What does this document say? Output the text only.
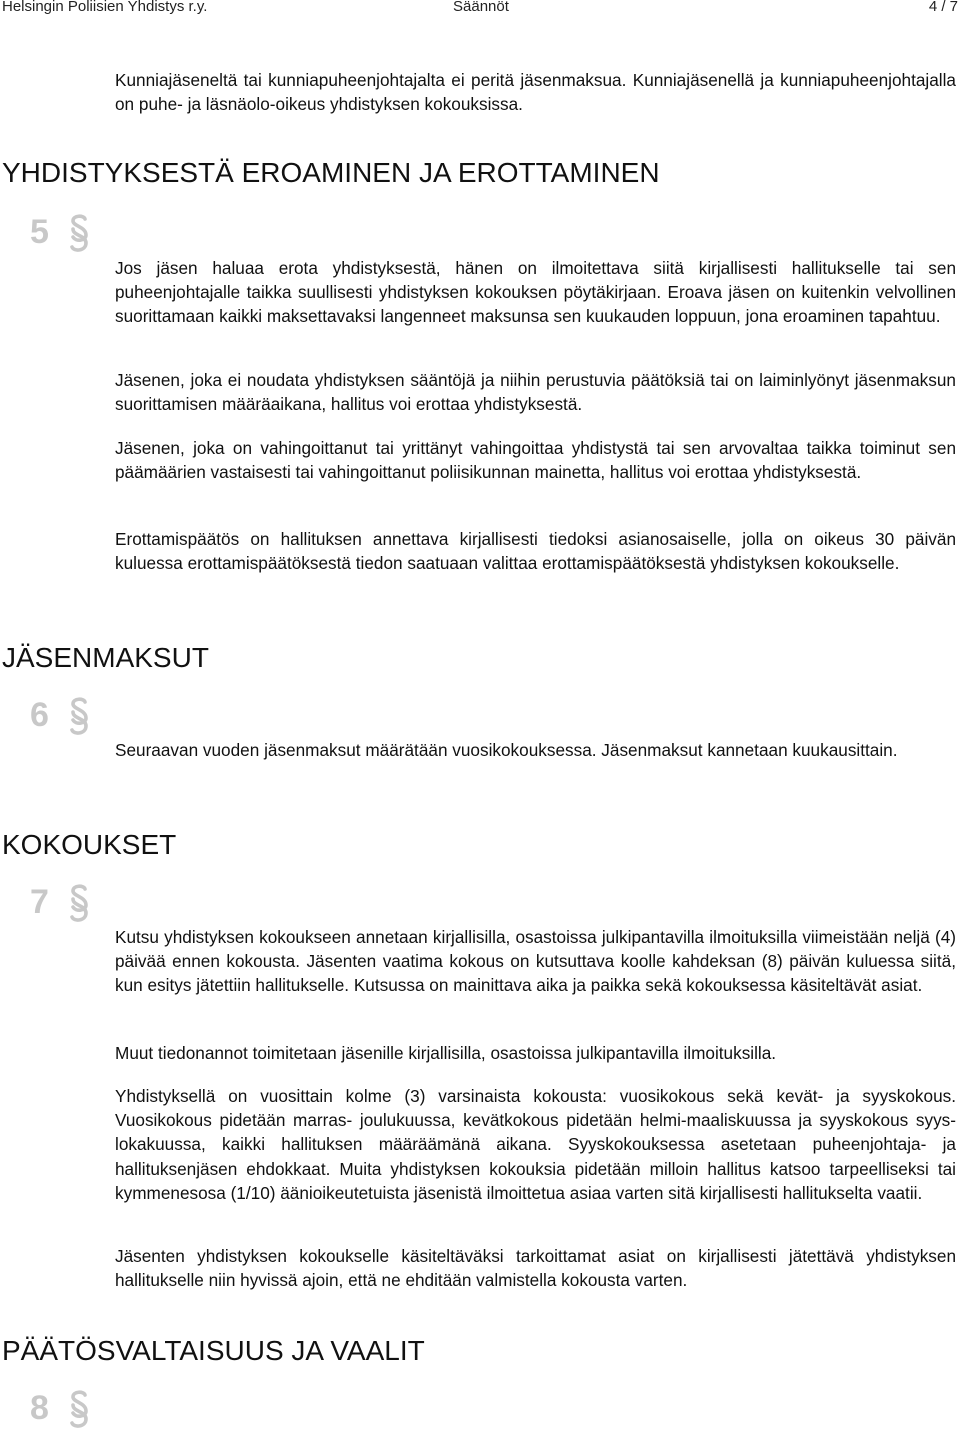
Helsingin Poliisien Yhdistys r.y.	Säännöt	4 / 7

Kunniajäseneltä tai kunniapuheenjohtajalta ei peritä jäsenmaksua. Kunniajäsenellä ja kunniapuheenjohtajalla on puhe- ja läsnäolo-oikeus yhdistyksen kokouksissa.

YHDISTYKSESTÄ EROAMINEN JA EROTTAMINEN
5

Jos jäsen haluaa erota yhdistyksestä, hänen on ilmoitettava siitä kirjallisesti hallitukselle tai sen puheenjohtajalle taikka suullisesti yhdistyksen kokouksen pöytäkirjaan. Eroava jäsen on kuitenkin velvollinen suorittamaan kaikki maksettavaksi langenneet maksunsa sen kuukauden loppuun, jona eroaminen tapahtuu.

Jäsenen, joka ei noudata yhdistyksen sääntöjä ja niihin perustuvia päätöksiä tai on laiminlyönyt jäsenmaksun suorittamisen määräaikana, hallitus voi erottaa yhdistyksestä.

Jäsenen, joka on vahingoittanut tai yrittänyt vahingoittaa yhdistystä tai sen arvovaltaa taikka toiminut sen päämäärien vastaisesti tai vahingoittanut poliisikunnan mainetta, hallitus voi erottaa yhdistyksestä.

Erottamispäätös on hallituksen annettava kirjallisesti tiedoksi asianosaiselle, jolla on oikeus 30 päivän kuluessa erottamispäätöksestä tiedon saatuaan valittaa erottamispäätöksestä yhdistyksen kokoukselle.

JÄSENMAKSUT
6

Seuraavan vuoden jäsenmaksut määrätään vuosikokouksessa. Jäsenmaksut kannetaan kuukausittain.

KOKOUKSET
7

Kutsu yhdistyksen kokoukseen annetaan kirjallisilla, osastoissa julkipantavilla ilmoituksilla viimeistään neljä (4) päivää ennen kokousta. Jäsenten vaatima kokous on kutsuttava koolle kahdeksan (8) päivän kuluessa siitä, kun esitys jätettiin hallitukselle. Kutsussa on mainittava aika ja paikka sekä kokouksessa käsiteltävät asiat.

Muut tiedonannot toimitetaan jäsenille kirjallisilla, osastoissa julkipantavilla ilmoituksilla.

Yhdistyksellä on vuosittain kolme (3) varsinaista kokousta: vuosikokous sekä kevät- ja syyskokous. Vuosikokous pidetään marras- joulukuussa, kevätkokous pidetään helmi-maaliskuussa ja syyskokous syys- lokakuussa, kaikki hallituksen määräämänä aikana. Syyskokouksessa asetetaan puheenjohtaja- ja hallituksenjäsen ehdokkaat. Muita yhdistyksen kokouksia pidetään milloin hallitus katsoo tarpeelliseksi tai kymmenesosa (1/10) äänioikeutetuista jäsenistä ilmoittetua asiaa varten sitä kirjallisesti hallitukselta vaatii.

Jäsenten yhdistyksen kokoukselle käsiteltäväksi tarkoittamat asiat on kirjallisesti jätettävä yhdistyksen hallitukselle niin hyvissä ajoin, että ne ehditään valmistella kokousta varten.

PÄÄTÖSVALTAISUUS JA VAALIT
8
